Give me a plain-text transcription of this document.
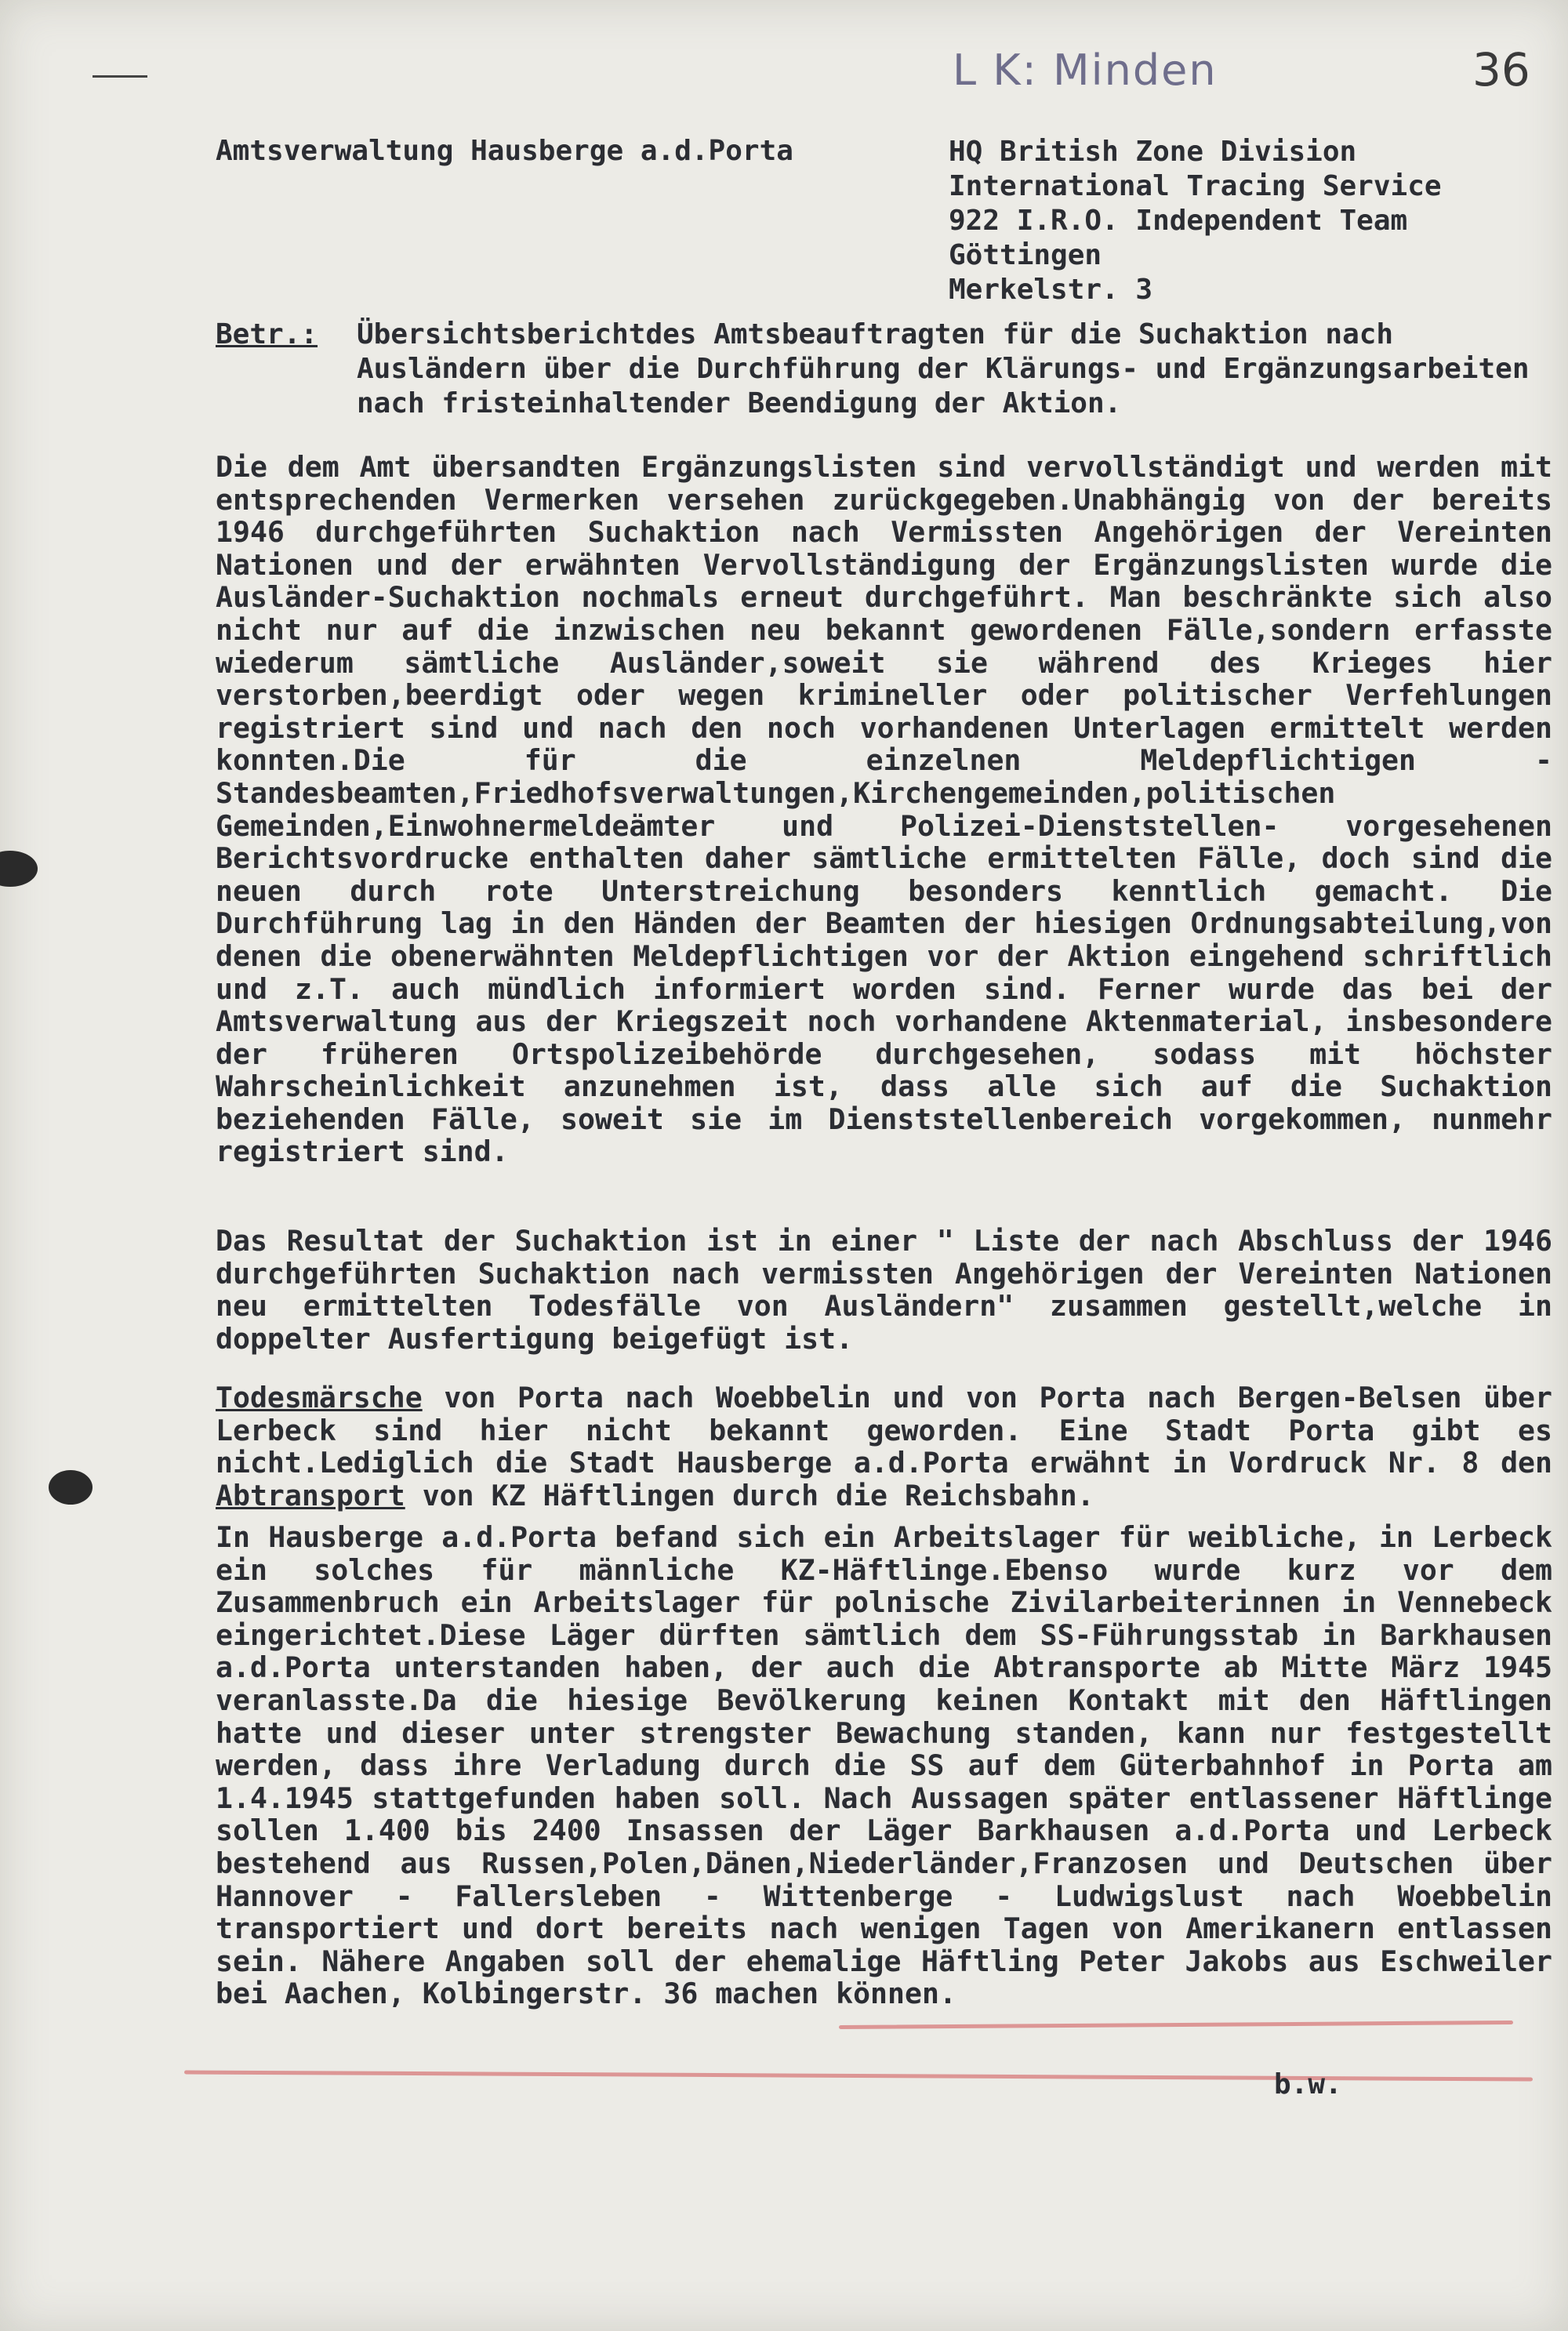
L K: Minden	36
Amtsverwaltung Hausberge a.d.Porta	HQ British Zone Division
International Tracing Service
922 I.R.O. Independent Team
Göttingen
Merkelstr. 3
Betr.: Übersichtsberichtdes Amtsbeauftragten für die Suchaktion nach Ausländern über die Durchführung der Klärungs- und Ergänzungsarbeiten nach fristeinhaltender Beendigung der Aktion.
Die dem Amt übersandten Ergänzungslisten sind vervollständigt und werden mit entsprechenden Vermerken versehen zurückgegeben.Unabhängig von der bereits 1946 durchgeführten Suchaktion nach Vermissten Angehörigen der Vereinten Nationen und der erwähnten Vervollständigung der Ergänzungslisten wurde die Ausländer-Suchaktion nochmals erneut durchgeführt. Man beschränkte sich also nicht nur auf die inzwischen neu bekannt gewordenen Fälle,sondern erfasste wiederum sämtliche Ausländer,soweit sie während des Krieges hier verstorben,beerdigt oder wegen krimineller oder politischer Verfehlungen registriert sind und nach den noch vorhandenen Unterlagen ermittelt werden konnten.Die für die einzelnen Meldepflichtigen -Standesbeamten,Friedhofsverwaltungen,Kirchengemeinden,politischen Gemeinden,Einwohnermeldeämter und Polizei-Dienststellen- vorgesehenen Berichtsvordrucke enthalten daher sämtliche ermittelten Fälle, doch sind die neuen durch rote Unterstreichung besonders kenntlich gemacht. Die Durchführung lag in den Händen der Beamten der hiesigen Ordnungsabteilung,von denen die obenerwähnten Meldepflichtigen vor der Aktion eingehend schriftlich und z.T. auch mündlich informiert worden sind. Ferner wurde das bei der Amtsverwaltung aus der Kriegszeit noch vorhandene Aktenmaterial, insbesondere der früheren Ortspolizeibehörde durchgesehen, sodass mit höchster Wahrscheinlichkeit anzunehmen ist, dass alle sich auf die Suchaktion beziehenden Fälle, soweit sie im Dienststellenbereich vorgekommen, nunmehr registriert sind.
Das Resultat der Suchaktion ist in einer " Liste der nach Abschluss der 1946 durchgeführten Suchaktion nach vermissten Angehörigen der Vereinten Nationen neu ermittelten Todesfälle von Ausländern" zusammen gestellt,welche in doppelter Ausfertigung beigefügt ist.
Todesmärsche von Porta nach Woebbelin und von Porta nach Bergen-Belsen über Lerbeck sind hier nicht bekannt geworden. Eine Stadt Porta gibt es nicht.Lediglich die Stadt Hausberge a.d.Porta erwähnt in Vordruck Nr. 8 den Abtransport von KZ Häftlingen durch die Reichsbahn.
In Hausberge a.d.Porta befand sich ein Arbeitslager für weibliche, in Lerbeck ein solches für männliche KZ-Häftlinge.Ebenso wurde kurz vor dem Zusammenbruch ein Arbeitslager für polnische Zivilarbeiterinnen in Vennebeck eingerichtet.Diese Läger dürften sämtlich dem SS-Führungsstab in Barkhausen a.d.Porta unterstanden haben, der auch die Abtransporte ab Mitte März 1945 veranlasste.Da die hiesige Bevölkerung keinen Kontakt mit den Häftlingen hatte und dieser unter strengster Bewachung standen, kann nur festgestellt werden, dass ihre Verladung durch die SS auf dem Güterbahnhof in Porta am 1.4.1945 stattgefunden haben soll. Nach Aussagen später entlassener Häftlinge sollen 1.400 bis 2400 Insassen der Läger Barkhausen a.d.Porta und Lerbeck bestehend aus Russen,Polen,Dänen,Niederländer,Franzosen und Deutschen über Hannover - Fallersleben - Wittenberge - Ludwigslust nach Woebbelin transportiert und dort bereits nach wenigen Tagen von Amerikanern entlassen sein. Nähere Angaben soll der ehemalige Häftling Peter Jakobs aus Eschweiler bei Aachen, Kolbingerstr. 36 machen können.
b.w.
